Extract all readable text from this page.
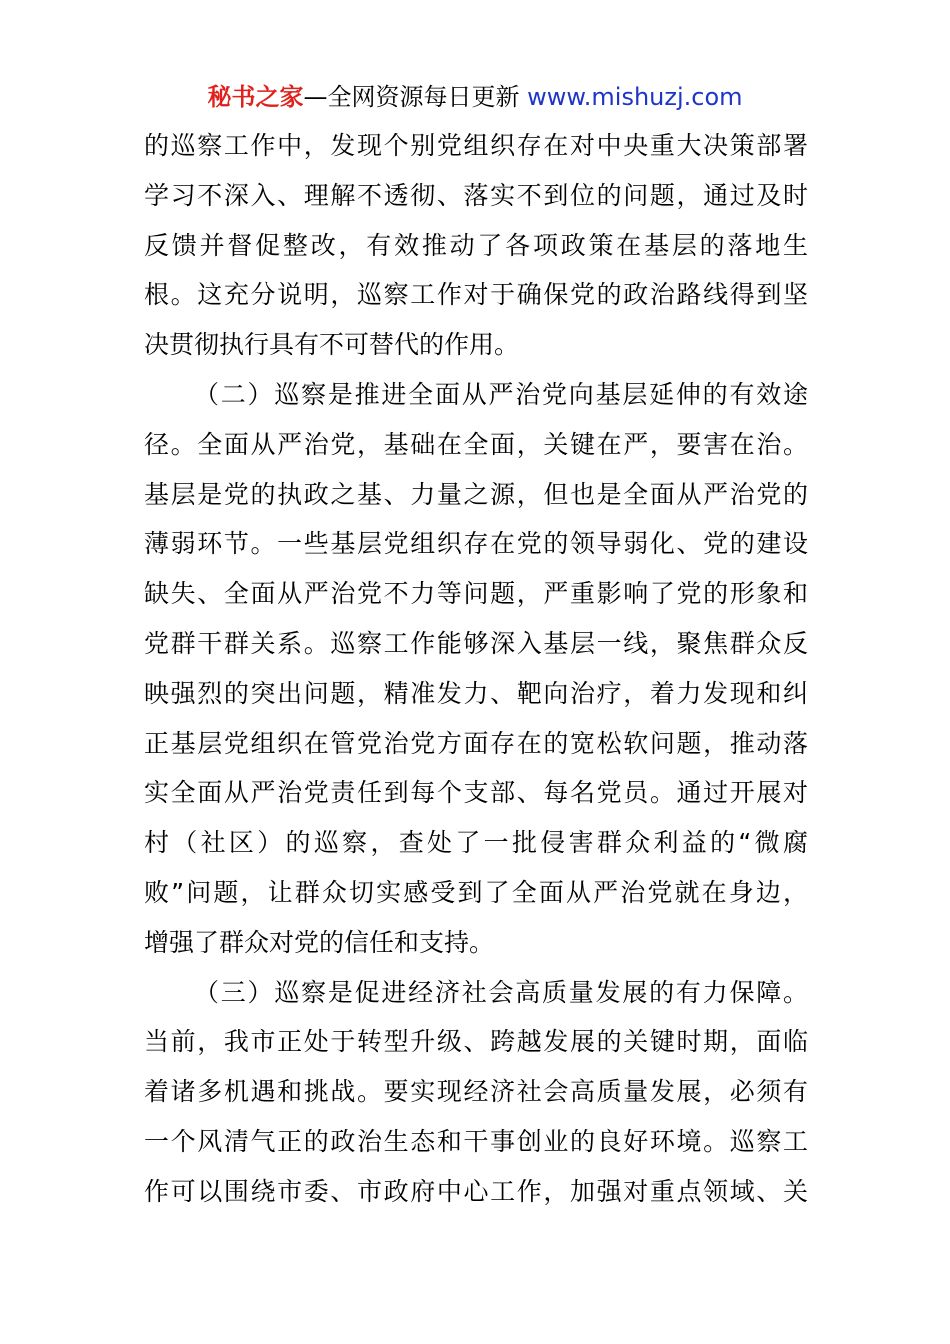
秘书之家—全网资源每日更新 www.mishuzj.com
的巡察工作中，发现个别党组织存在对中央重大决策部署
学习不深入、理解不透彻、落实不到位的问题，通过及时
反馈并督促整改，有效推动了各项政策在基层的落地生
根。这充分说明，巡察工作对于确保党的政治路线得到坚
决贯彻执行具有不可替代的作用。
（二）巡察是推进全面从严治党向基层延伸的有效途
径。全面从严治党，基础在全面，关键在严，要害在治。
基层是党的执政之基、力量之源，但也是全面从严治党的
薄弱环节。一些基层党组织存在党的领导弱化、党的建设
缺失、全面从严治党不力等问题，严重影响了党的形象和
党群干群关系。巡察工作能够深入基层一线，聚焦群众反
映强烈的突出问题，精准发力、靶向治疗，着力发现和纠
正基层党组织在管党治党方面存在的宽松软问题，推动落
实全面从严治党责任到每个支部、每名党员。通过开展对
村（社区）的巡察，查处了一批侵害群众利益的“微腐
败”问题，让群众切实感受到了全面从严治党就在身边，
增强了群众对党的信任和支持。
（三）巡察是促进经济社会高质量发展的有力保障。
当前，我市正处于转型升级、跨越发展的关键时期，面临
着诸多机遇和挑战。要实现经济社会高质量发展，必须有
一个风清气正的政治生态和干事创业的良好环境。巡察工
作可以围绕市委、市政府中心工作，加强对重点领域、关
